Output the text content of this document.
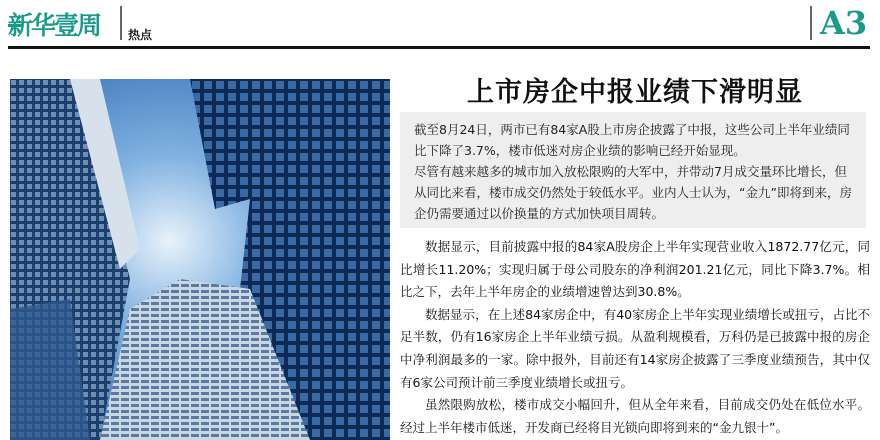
新华壹周 热点	A3
上市房企中报业绩下滑明显

截至8月24日，两市已有84家A股上市房企披露了中报，这些公司上半年业绩同比下降了3.7%，楼市低迷对房企业绩的影响已经开始显现。

尽管有越来越多的城市加入放松限购的大军中，并带动7月成交量环比增长，但从同比来看，楼市成交仍然处于较低水平。业内人士认为，“金九”即将到来，房企仍需要通过以价换量的方式加快项目周转。

数据显示，目前披露中报的84家A股房企上半年实现营业收入1872.77亿元，同比增长11.20%；实现归属于母公司股东的净利润201.21亿元，同比下降3.7%。相比之下，去年上半年房企的业绩增速曾达到30.8%。

数据显示，在上述84家房企中，有40家房企上半年实现业绩增长或扭亏，占比不足半数，仍有16家房企上半年业绩亏损。从盈利规模看，万科仍是已披露中报的房企中净利润最多的一家。除中报外，目前还有14家房企披露了三季度业绩预告，其中仅有6家公司预计前三季度业绩增长或扭亏。

虽然限购放松，楼市成交小幅回升，但从全年来看，目前成交仍处在低位水平。经过上半年楼市低迷，开发商已经将目光锁向即将到来的“金九银十”。
